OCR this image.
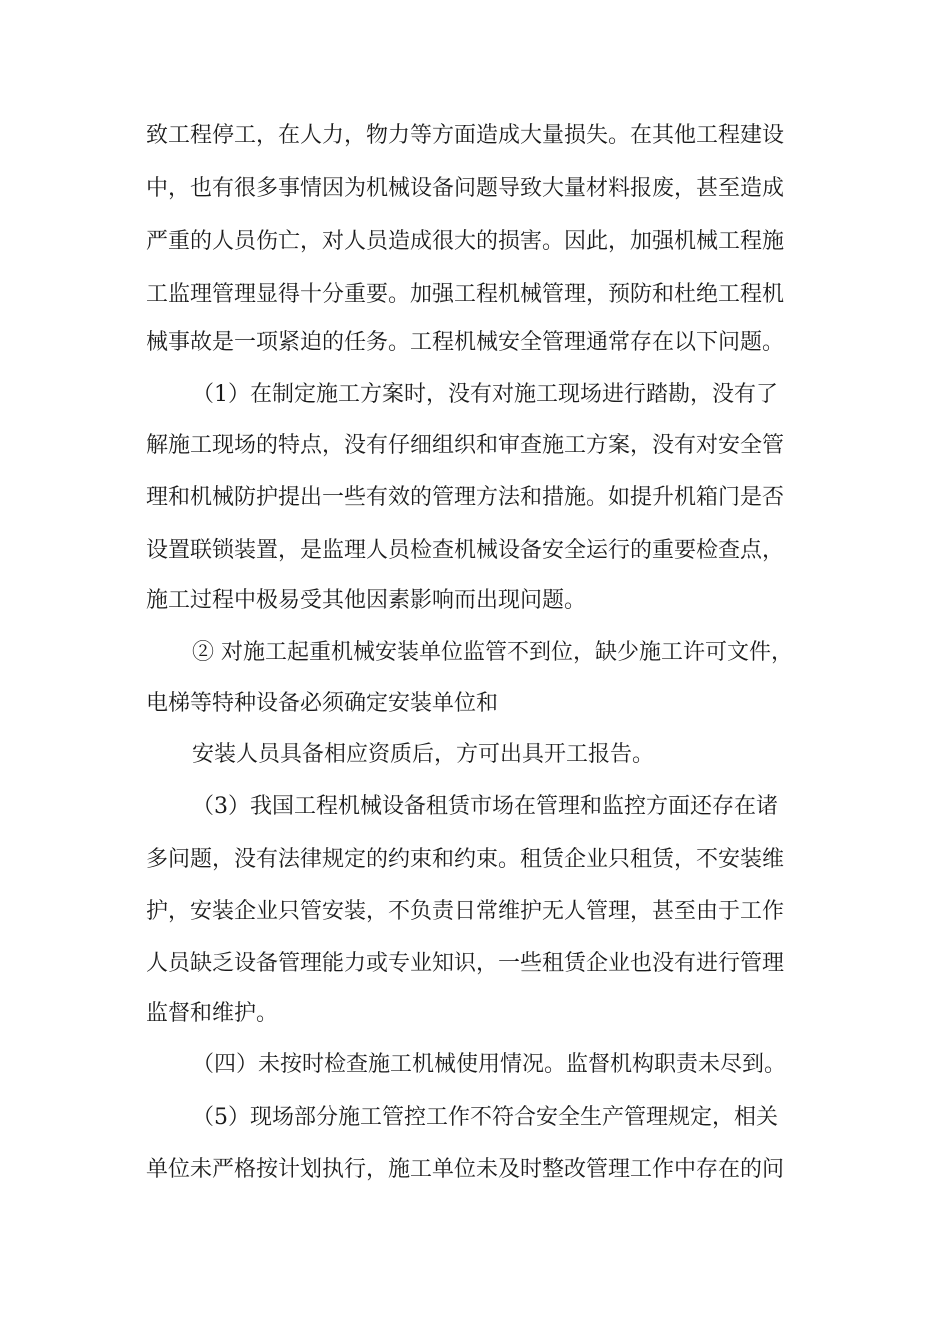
致工程停工，在人力，物力等方面造成大量损失。在其他工程建设
中，也有很多事情因为机械设备问题导致大量材料报废，甚至造成
严重的人员伤亡，对人员造成很大的损害。因此，加强机械工程施
工监理管理显得十分重要。加强工程机械管理，预防和杜绝工程机
械事故是一项紧迫的任务。工程机械安全管理通常存在以下问题。
（1）在制定施工方案时，没有对施工现场进行踏勘，没有了
解施工现场的特点，没有仔细组织和审查施工方案，没有对安全管
理和机械防护提出一些有效的管理方法和措施。如提升机箱门是否
设置联锁装置，是监理人员检查机械设备安全运行的重要检查点，
施工过程中极易受其他因素影响而出现问题。
② 对施工起重机械安装单位监管不到位，缺少施工许可文件，
电梯等特种设备必须确定安装单位和
安装人员具备相应资质后，方可出具开工报告。
（3）我国工程机械设备租赁市场在管理和监控方面还存在诸
多问题，没有法律规定的约束和约束。租赁企业只租赁，不安装维
护，安装企业只管安装，不负责日常维护无人管理，甚至由于工作
人员缺乏设备管理能力或专业知识，一些租赁企业也没有进行管理
监督和维护。
（四）未按时检查施工机械使用情况。监督机构职责未尽到。
（5）现场部分施工管控工作不符合安全生产管理规定，相关
单位未严格按计划执行，施工单位未及时整改管理工作中存在的问
